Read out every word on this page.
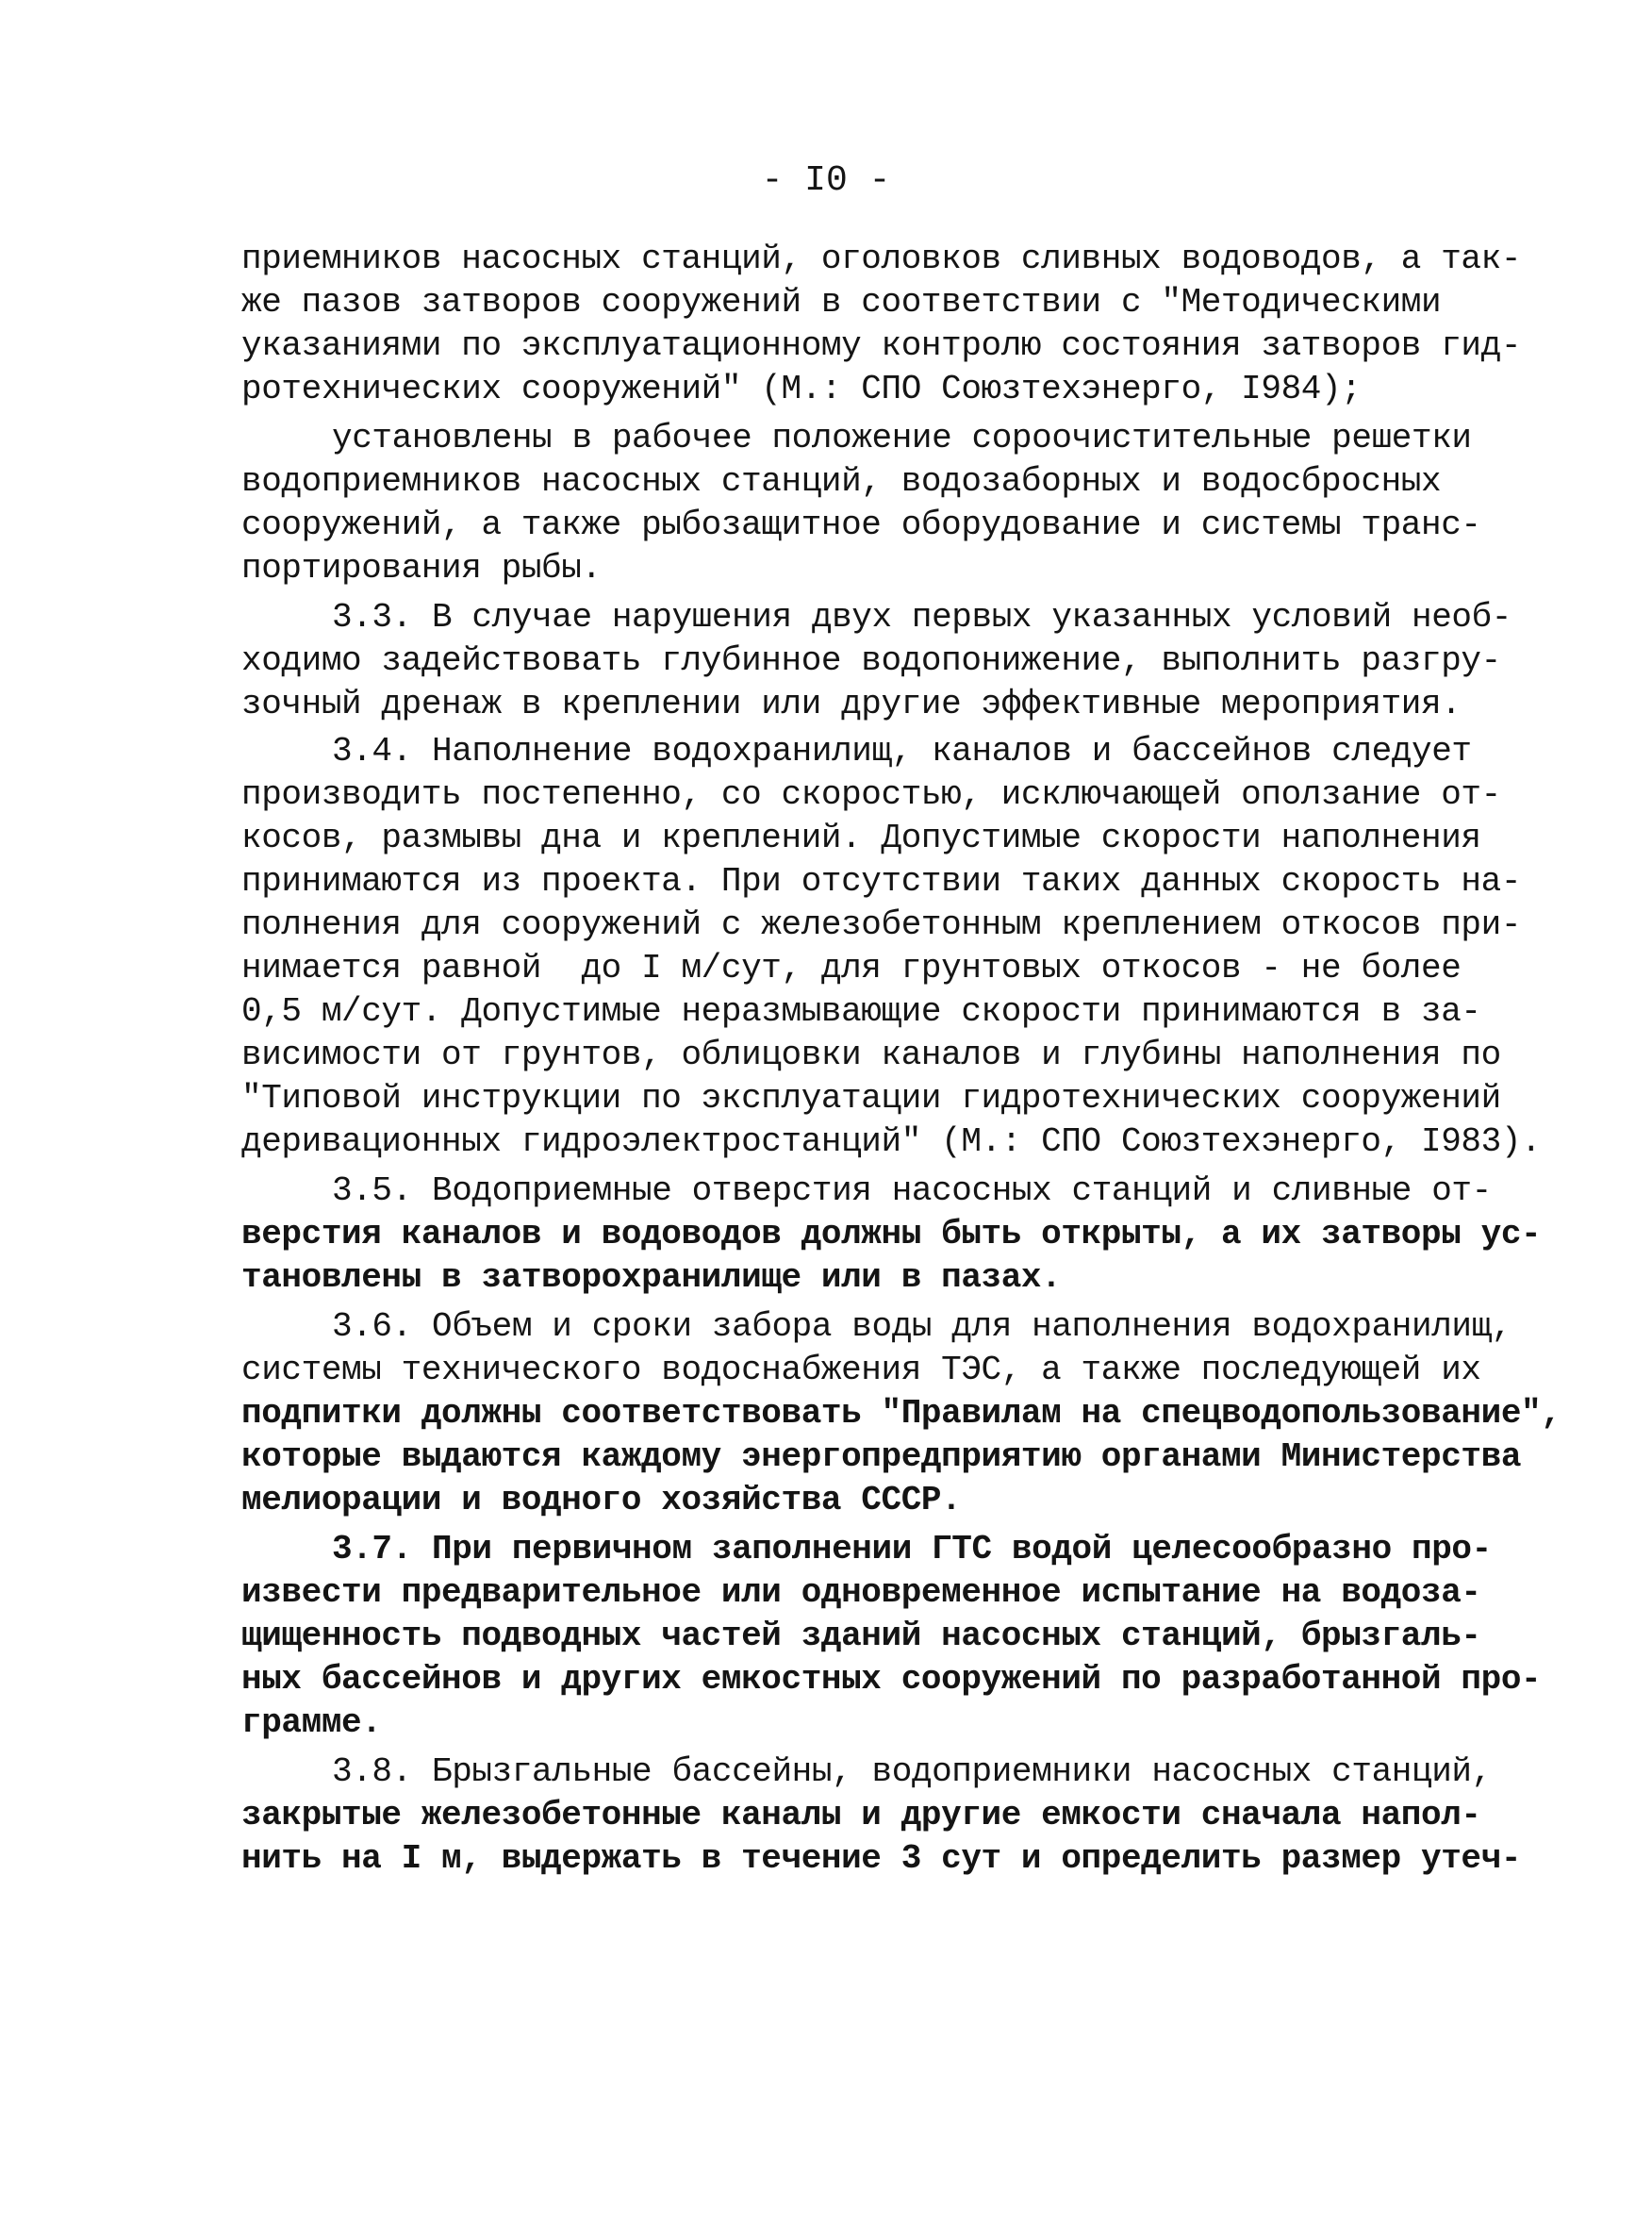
- I0 -
приемников насосных станций, оголовков сливных водоводов, а так-
же пазов затворов сооружений в соответствии с "Методическими
указаниями по эксплуатационному контролю состояния затворов гид-
ротехнических сооружений" (М.: СПО Союзтехэнерго, I984);
установлены в рабочее положение сороочистительные решетки
водоприемников насосных станций, водозаборных и водосбросных
сооружений, а также рыбозащитное оборудование и системы транс-
портирования рыбы.
3.3. В случае нарушения двух первых указанных условий необ-
ходимо задействовать глубинное водопонижение, выполнить разгру-
зочный дренаж в креплении или другие эффективные мероприятия.
3.4. Наполнение водохранилищ, каналов и бассейнов следует
производить постепенно, со скоростью, исключающей оползание от-
косов, размывы дна и креплений. Допустимые скорости наполнения
принимаются из проекта. При отсутствии таких данных скорость на-
полнения для сооружений с железобетонным креплением откосов при-
нимается равной  до I м/сут, для грунтовых откосов - не более
0,5 м/сут. Допустимые неразмывающие скорости принимаются в за-
висимости от грунтов, облицовки каналов и глубины наполнения по
"Типовой инструкции по эксплуатации гидротехнических сооружений
деривационных гидроэлектростанций" (М.: СПО Союзтехэнерго, I983).
3.5. Водоприемные отверстия насосных станций и сливные от-
верстия каналов и водоводов должны быть открыты, а их затворы ус-
тановлены в затворохранилище или в пазах.
3.6. Объем и сроки забора воды для наполнения водохранилищ,
системы технического водоснабжения ТЭС, а также последующей их
подпитки должны соответствовать "Правилам на спецводопользование",
которые выдаются каждому энергопредприятию органами Министерства
мелиорации и водного хозяйства СССР.
3.7. При первичном заполнении ГТС водой целесообразно про-
извести предварительное или одновременное испытание на водоза-
щищенность подводных частей зданий насосных станций, брызгаль-
ных бассейнов и других емкостных сооружений по разработанной про-
грамме.
3.8. Брызгальные бассейны, водоприемники насосных станций,
закрытые железобетонные каналы и другие емкости сначала напол-
нить на I м, выдержать в течение 3 сут и определить размер утеч-
